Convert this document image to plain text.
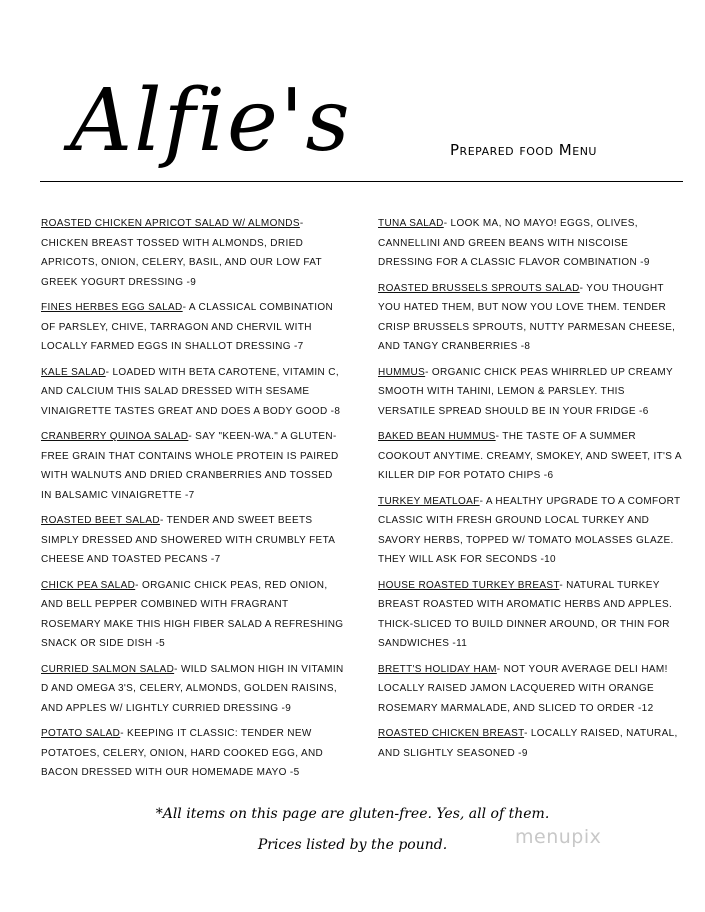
Alfie's	Prepared food Menu

ROASTED CHICKEN APRICOT SALAD W/ ALMONDS- CHICKEN BREAST TOSSED WITH ALMONDS, DRIED APRICOTS, ONION, CELERY, BASIL, AND OUR LOW FAT GREEK YOGURT DRESSING -9

FINES HERBES EGG SALAD- A CLASSICAL COMBINATION OF PARSLEY, CHIVE, TARRAGON AND CHERVIL WITH LOCALLY FARMED EGGS IN SHALLOT DRESSING -7

KALE SALAD- LOADED WITH BETA CAROTENE, VITAMIN C, AND CALCIUM THIS SALAD DRESSED WITH SESAME VINAIGRETTE TASTES GREAT AND DOES A BODY GOOD -8

CRANBERRY QUINOA SALAD- SAY "KEEN-WA." A GLUTEN-FREE GRAIN THAT CONTAINS WHOLE PROTEIN IS PAIRED WITH WALNUTS AND DRIED CRANBERRIES AND TOSSED IN BALSAMIC VINAIGRETTE -7

ROASTED BEET SALAD- TENDER AND SWEET BEETS SIMPLY DRESSED AND SHOWERED WITH CRUMBLY FETA CHEESE AND TOASTED PECANS -7

CHICK PEA SALAD- ORGANIC CHICK PEAS, RED ONION, AND BELL PEPPER COMBINED WITH FRAGRANT ROSEMARY MAKE THIS HIGH FIBER SALAD A REFRESHING SNACK OR SIDE DISH -5

CURRIED SALMON SALAD- WILD SALMON HIGH IN VITAMIN D AND OMEGA 3'S, CELERY, ALMONDS, GOLDEN RAISINS, AND APPLES W/ LIGHTLY CURRIED DRESSING -9

POTATO SALAD- KEEPING IT CLASSIC: TENDER NEW POTATOES, CELERY, ONION, HARD COOKED EGG, AND BACON DRESSED WITH OUR HOMEMADE MAYO -5

TUNA SALAD- LOOK MA, NO MAYO! EGGS, OLIVES, CANNELLINI AND GREEN BEANS WITH NISCOISE DRESSING FOR A CLASSIC FLAVOR COMBINATION -9

ROASTED BRUSSELS SPROUTS SALAD- YOU THOUGHT YOU HATED THEM, BUT NOW YOU LOVE THEM. TENDER CRISP BRUSSELS SPROUTS, NUTTY PARMESAN CHEESE, AND TANGY CRANBERRIES -8

HUMMUS- ORGANIC CHICK PEAS WHIRRLED UP CREAMY SMOOTH WITH TAHINI, LEMON & PARSLEY. THIS VERSATILE SPREAD SHOULD BE IN YOUR FRIDGE -6

BAKED BEAN HUMMUS- THE TASTE OF A SUMMER COOKOUT ANYTIME. CREAMY, SMOKEY, AND SWEET, IT'S A KILLER DIP FOR POTATO CHIPS -6

TURKEY MEATLOAF- A HEALTHY UPGRADE TO A COMFORT CLASSIC WITH FRESH GROUND LOCAL TURKEY AND SAVORY HERBS, TOPPED W/ TOMATO MOLASSES GLAZE. THEY WILL ASK FOR SECONDS -10

HOUSE ROASTED TURKEY BREAST- NATURAL TURKEY BREAST ROASTED WITH AROMATIC HERBS AND APPLES. THICK-SLICED TO BUILD DINNER AROUND, OR THIN FOR SANDWICHES -11

BRETT'S HOLIDAY HAM- NOT YOUR AVERAGE DELI HAM! LOCALLY RAISED JAMON LACQUERED WITH ORANGE ROSEMARY MARMALADE, AND SLICED TO ORDER -12

ROASTED CHICKEN BREAST- LOCALLY RAISED, NATURAL, AND SLIGHTLY SEASONED -9

*All items on this page are gluten-free. Yes, all of them.
Prices listed by the pound.	menupix
